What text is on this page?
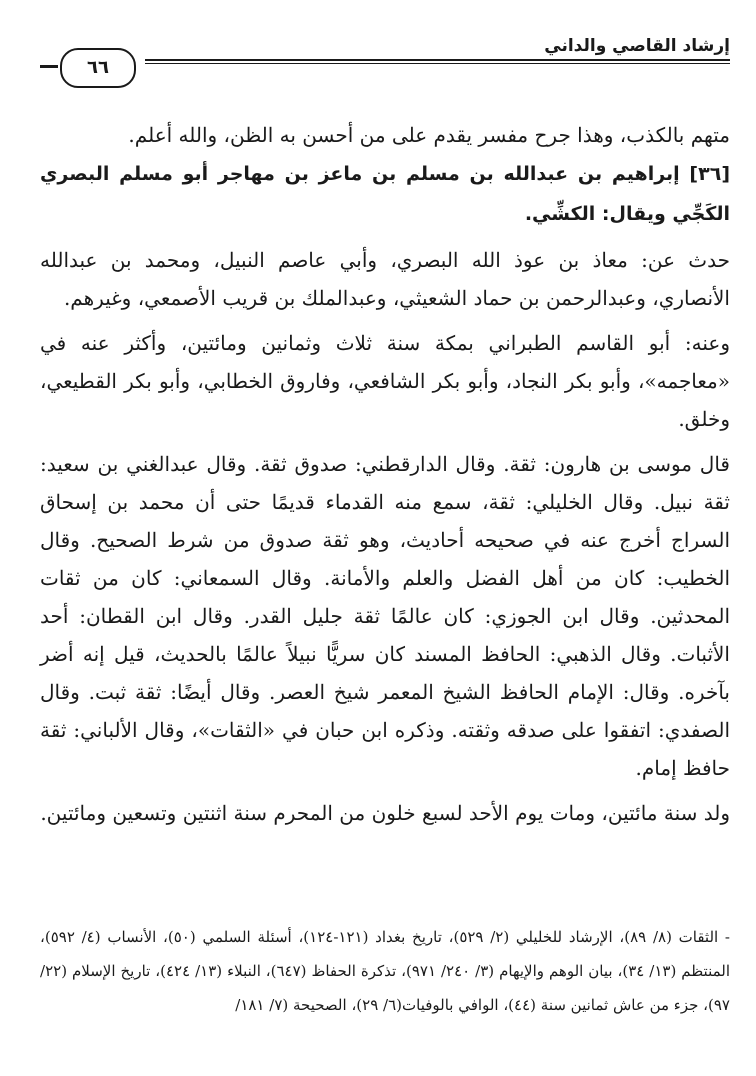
إرشاد القاصي والداني
٦٦

متهم بالكذب، وهذا جرح مفسر يقدم على من أحسن به الظن، والله أعلم.

[٣٦] إبراهيم بن عبدالله بن مسلم بن ماعز بن مهاجر أبو مسلم البصري الكَجِّي ويقال: الكشِّي.

حدث عن: معاذ بن عوذ الله البصري، وأبي عاصم النبيل، ومحمد بن عبدالله الأنصاري، وعبدالرحمن بن حماد الشعيثي، وعبدالملك بن قريب الأصمعي، وغيرهم.

وعنه: أبو القاسم الطبراني بمكة سنة ثلاث وثمانين ومائتين، وأكثر عنه في «معاجمه»، وأبو بكر النجاد، وأبو بكر الشافعي، وفاروق الخطابي، وأبو بكر القطيعي، وخلق.

قال موسى بن هارون: ثقة. وقال الدارقطني: صدوق ثقة. وقال عبدالغني بن سعيد: ثقة نبيل. وقال الخليلي: ثقة، سمع منه القدماء قديمًا حتى أن محمد بن إسحاق السراج أخرج عنه في صحيحه أحاديث، وهو ثقة صدوق من شرط الصحيح. وقال الخطيب: كان من أهل الفضل والعلم والأمانة. وقال السمعاني: كان من ثقات المحدثين. وقال ابن الجوزي: كان عالمًا ثقة جليل القدر. وقال ابن القطان: أحد الأثبات. وقال الذهبي: الحافظ المسند كان سريًّا نبيلاً عالمًا بالحديث، قيل إنه أضر بآخره. وقال: الإمام الحافظ الشيخ المعمر شيخ العصر. وقال أيضًا: ثقة ثبت. وقال الصفدي: اتفقوا على صدقه وثقته. وذكره ابن حبان في «الثقات»، وقال الألباني: ثقة حافظ إمام.

ولد سنة مائتين، ومات يوم الأحد لسبع خلون من المحرم سنة اثنتين وتسعين ومائتين.

- الثقات (٨/ ٨٩)، الإرشاد للخليلي (٢/ ٥٢٩)، تاريخ بغداد (١٢١-١٢٤)، أسئلة السلمي (٥٠)، الأنساب (٤/ ٥٩٢)، المنتظم (١٣/ ٣٤)، بيان الوهم والإيهام (٣/ ٢٤٠/ ٩٧١)، تذكرة الحفاظ (٦٤٧)، النبلاء (١٣/ ٤٢٤)، تاريخ الإسلام (٢٢/ ٩٧)، جزء من عاش ثمانين سنة (٤٤)، الوافي بالوفيات(٦/ ٢٩)، الصحيحة (٧/ ١٨١/
